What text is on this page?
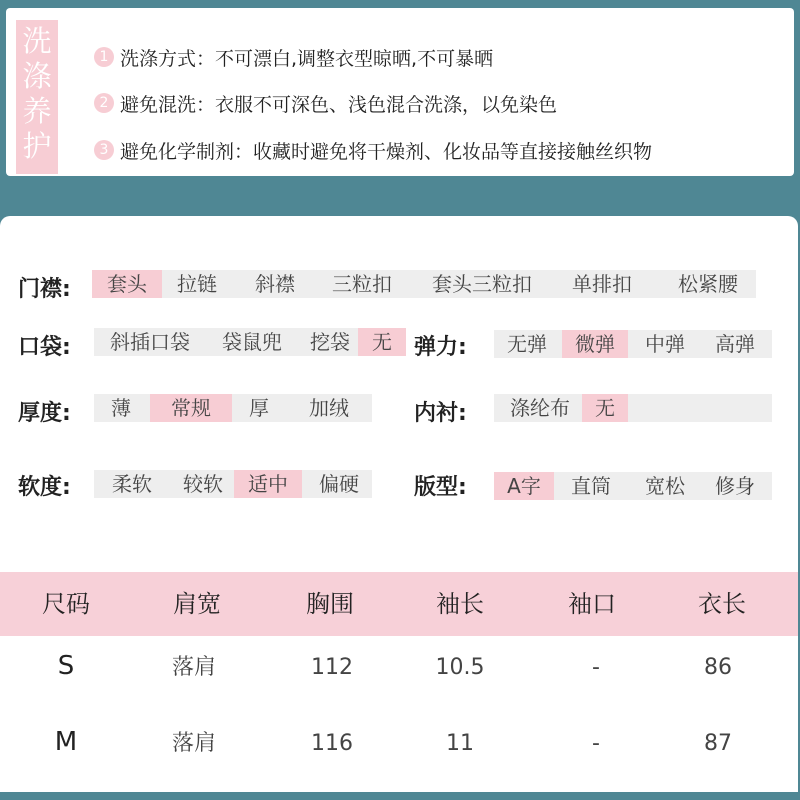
洗涤养护
1 洗涤方式：不可漂白,调整衣型晾晒,不可暴晒
2 避免混洗：衣服不可深色、浅色混合洗涤，以免染色
3 避免化学制剂：收藏时避免将干燥剂、化妆品等直接接触丝织物
门襟:	套头	拉链	斜襟	三粒扣	套头三粒扣	单排扣	松紧腰
口袋:	斜插口袋	袋鼠兜	挖袋	无	弹力:	无弹	微弹	中弹	高弹
厚度:	薄	常规	厚	加绒	内衬:	涤纶布	无
软度:	柔软	较软	适中	偏硬	版型:	A字	直筒	宽松	修身
尺码	肩宽	胸围	袖长	袖口	衣长
S	落肩	112	10.5	-	86
M	落肩	116	11	-	87
